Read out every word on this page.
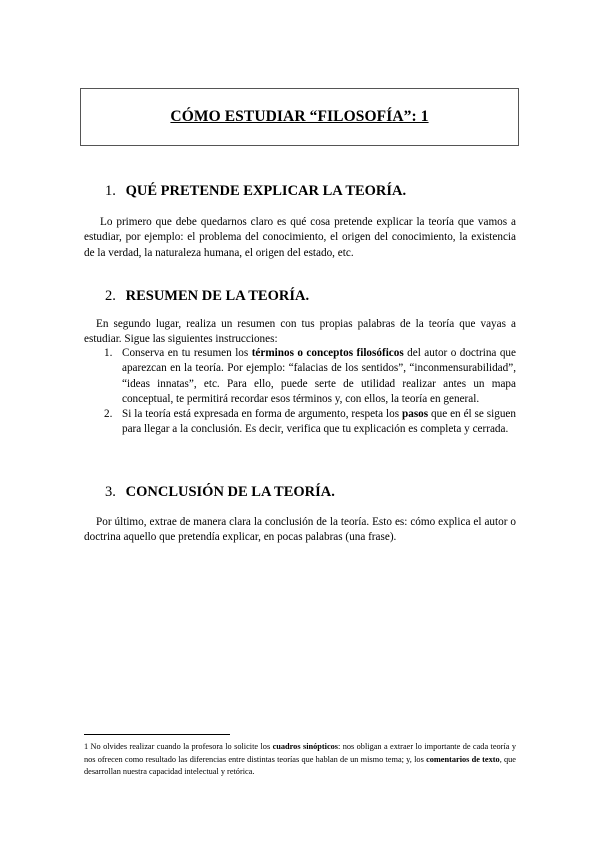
CÓMO ESTUDIAR “FILOSOFÍA”: 1
1. QUÉ PRETENDE EXPLICAR LA TEORÍA.

Lo primero que debe quedarnos claro es qué cosa pretende explicar la teoría que vamos a estudiar, por ejemplo: el problema del conocimiento, el origen del conocimiento, la existencia de la verdad, la naturaleza humana, el origen del estado, etc.

2. RESUMEN DE LA TEORÍA.

En segundo lugar, realiza un resumen con tus propias palabras de la teoría que vayas a estudiar. Sigue las siguientes instrucciones:

1. Conserva en tu resumen los términos o conceptos filosóficos del autor o doctrina que aparezcan en la teoría. Por ejemplo: “falacias de los sentidos”, “inconmensurabilidad”, “ideas innatas”, etc. Para ello, puede serte de utilidad realizar antes un mapa conceptual, te permitirá recordar esos términos y, con ellos, la teoría en general.
2. Si la teoría está expresada en forma de argumento, respeta los pasos que en él se siguen para llegar a la conclusión. Es decir, verifica que tu explicación es completa y cerrada.
3. CONCLUSIÓN DE LA TEORÍA.

Por último, extrae de manera clara la conclusión de la teoría. Esto es: cómo explica el autor o doctrina aquello que pretendía explicar, en pocas palabras (una frase).

1 No olvides realizar cuando la profesora lo solicite los cuadros sinópticos: nos obligan a extraer lo importante de cada teoría y nos ofrecen como resultado las diferencias entre distintas teorías que hablan de un mismo tema; y, los comentarios de texto, que desarrollan nuestra capacidad intelectual y retórica.
